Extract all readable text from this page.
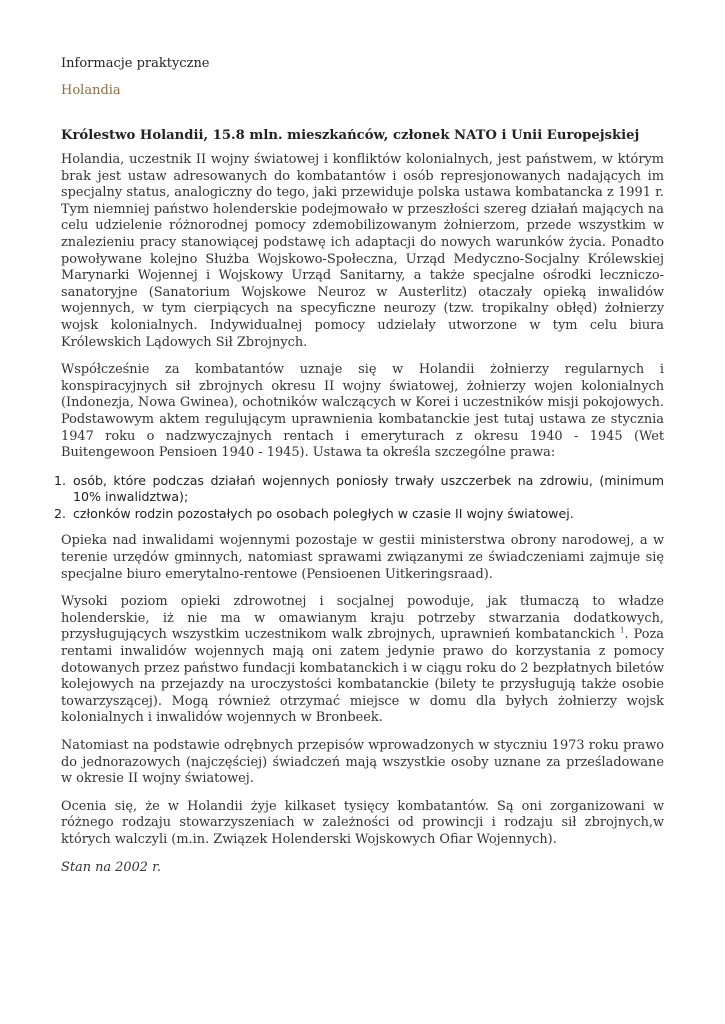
Informacje praktyczne
Holandia
Królestwo Holandii, 15.8 mln. mieszkańców, członek NATO i Unii Europejskiej

Holandia, uczestnik II wojny światowej i konfliktów kolonialnych, jest państwem, w którym brak jest ustaw adresowanych do kombatantów i osób represjonowanych nadających im specjalny status, analogiczny do tego, jaki przewiduje polska ustawa kombatancka z 1991 r. Tym niemniej państwo holenderskie podejmowało w przeszłości szereg działań mających na celu udzielenie różnorodnej pomocy zdemobilizowanym żołnierzom, przede wszystkim w znalezieniu pracy stanowiącej podstawę ich adaptacji do nowych warunków życia. Ponadto powoływane kolejno Służba Wojskowo-Społeczna, Urząd Medyczno-Socjalny Królewskiej Marynarki Wojennej i Wojskowy Urząd Sanitarny, a także specjalne ośrodki leczniczo- sanatoryjne (Sanatorium Wojskowe Neuroz w Austerlitz) otaczały opieką inwalidów wojennych, w tym cierpiących na specyficzne neurozy (tzw. tropikalny obłęd) żołnierzy wojsk kolonialnych. Indywidualnej pomocy udzielały utworzone w tym celu biura Królewskich Lądowych Sił Zbrojnych.

Współcześnie za kombatantów uznaje się w Holandii żołnierzy regularnych i konspiracyjnych sił zbrojnych okresu II wojny światowej, żołnierzy wojen kolonialnych (Indonezja, Nowa Gwinea), ochotników walczących w Korei i uczestników misji pokojowych. Podstawowym aktem regulującym uprawnienia kombatanckie jest tutaj ustawa ze stycznia 1947 roku o nadzwyczajnych rentach i emeryturach z okresu 1940 - 1945 (Wet Buitengewoon Pensioen 1940 - 1945). Ustawa ta określa szczególne prawa:

1. osób, które podczas działań wojennych poniosły trwały uszczerbek na zdrowiu, (minimum 10% inwalidztwa);
2. członków rodzin pozostałych po osobach poległych w czasie II wojny światowej.

Opieka nad inwalidami wojennymi pozostaje w gestii ministerstwa obrony narodowej, a w terenie urzędów gminnych, natomiast sprawami związanymi ze świadczeniami zajmuje się specjalne biuro emerytalno-rentowe (Pensioenen Uitkeringsraad).

Wysoki poziom opieki zdrowotnej i socjalnej powoduje, jak tłumaczą to władze holenderskie, iż nie ma w omawianym kraju potrzeby stwarzania dodatkowych, przysługujących wszystkim uczestnikom walk zbrojnych, uprawnień kombatanckich $^1$. Poza rentami inwalidów wojennych mają oni zatem jedynie prawo do korzystania z pomocy dotowanych przez państwo fundacji kombatanckich i w ciągu roku do 2 bezpłatnych biletów kolejowych na przejazdy na uroczystości kombatanckie (bilety te przysługują także osobie towarzyszącej). Mogą również otrzymać miejsce w domu dla byłych żołnierzy wojsk kolonialnych i inwalidów wojennych w Bronbeek.

Natomiast na podstawie odrębnych przepisów wprowadzonych w styczniu 1973 roku prawo do jednorazowych (najczęściej) świadczeń mają wszystkie osoby uznane za prześladowane w okresie II wojny światowej.

Ocenia się, że w Holandii żyje kilkaset tysięcy kombatantów. Są oni zorganizowani w różnego rodzaju stowarzyszeniach w zależności od prowincji i rodzaju sił zbrojnych,w których walczyli (m.in. Związek Holenderski Wojskowych Ofiar Wojennych).

Stan na 2002 r.
